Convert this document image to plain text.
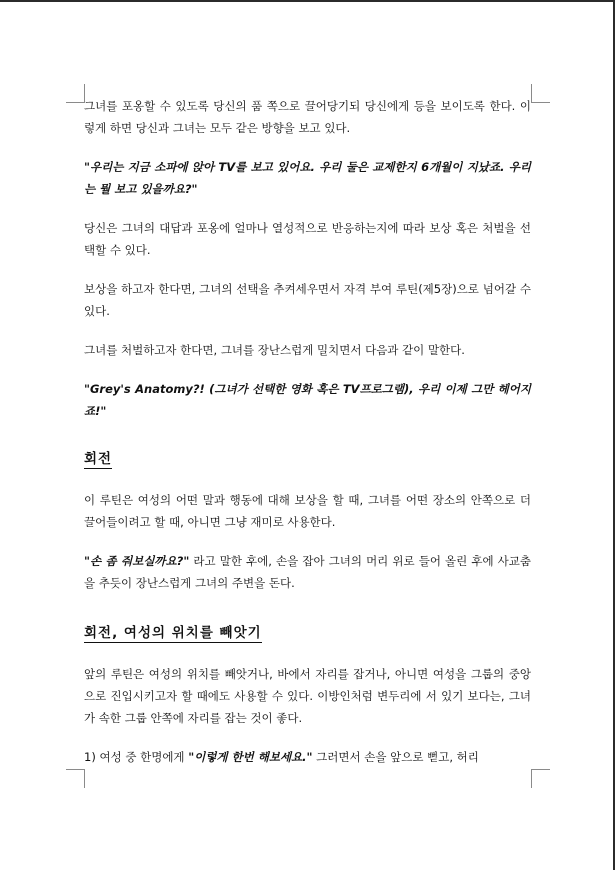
그녀를 포옹할 수 있도록 당신의 품 쪽으로 끌어당기되 당신에게 등을 보이도록 한다. 이렇게 하면 당신과 그녀는 모두 같은 방향을 보고 있다.

"우리는 지금 소파에 앉아 TV를 보고 있어요. 우리 둘은 교제한지 6개월이 지났죠. 우리는 뭘 보고 있을까요?"

당신은 그녀의 대답과 포옹에 얼마나 열성적으로 반응하는지에 따라 보상 혹은 처벌을 선택할 수 있다.

보상을 하고자 한다면, 그녀의 선택을 추켜세우면서 자격 부여 루틴(제5장)으로 넘어갈 수 있다.

그녀를 처벌하고자 한다면, 그녀를 장난스럽게 밀치면서 다음과 같이 말한다.

"Grey's Anatomy?! (그녀가 선택한 영화 혹은 TV프로그램), 우리 이제 그만 헤어지죠!"

회전

이 루틴은 여성의 어떤 말과 행동에 대해 보상을 할 때, 그녀를 어떤 장소의 안쪽으로 더 끌어들이려고 할 때, 아니면 그냥 재미로 사용한다.

"손 좀 줘보실까요?" 라고 말한 후에, 손을 잡아 그녀의 머리 위로 들어 올린 후에 사교춤을 추듯이 장난스럽게 그녀의 주변을 돈다.

회전, 여성의 위치를 빼앗기

앞의 루틴은 여성의 위치를 빼앗거나, 바에서 자리를 잡거나, 아니면 여성을 그룹의 중앙으로 진입시키고자 할 때에도 사용할 수 있다. 이방인처럼 변두리에 서 있기 보다는, 그녀가 속한 그룹 안쪽에 자리를 잡는 것이 좋다.

1) 여성 중 한명에게 "이렇게 한번 해보세요." 그러면서 손을 앞으로 뻗고, 허리
